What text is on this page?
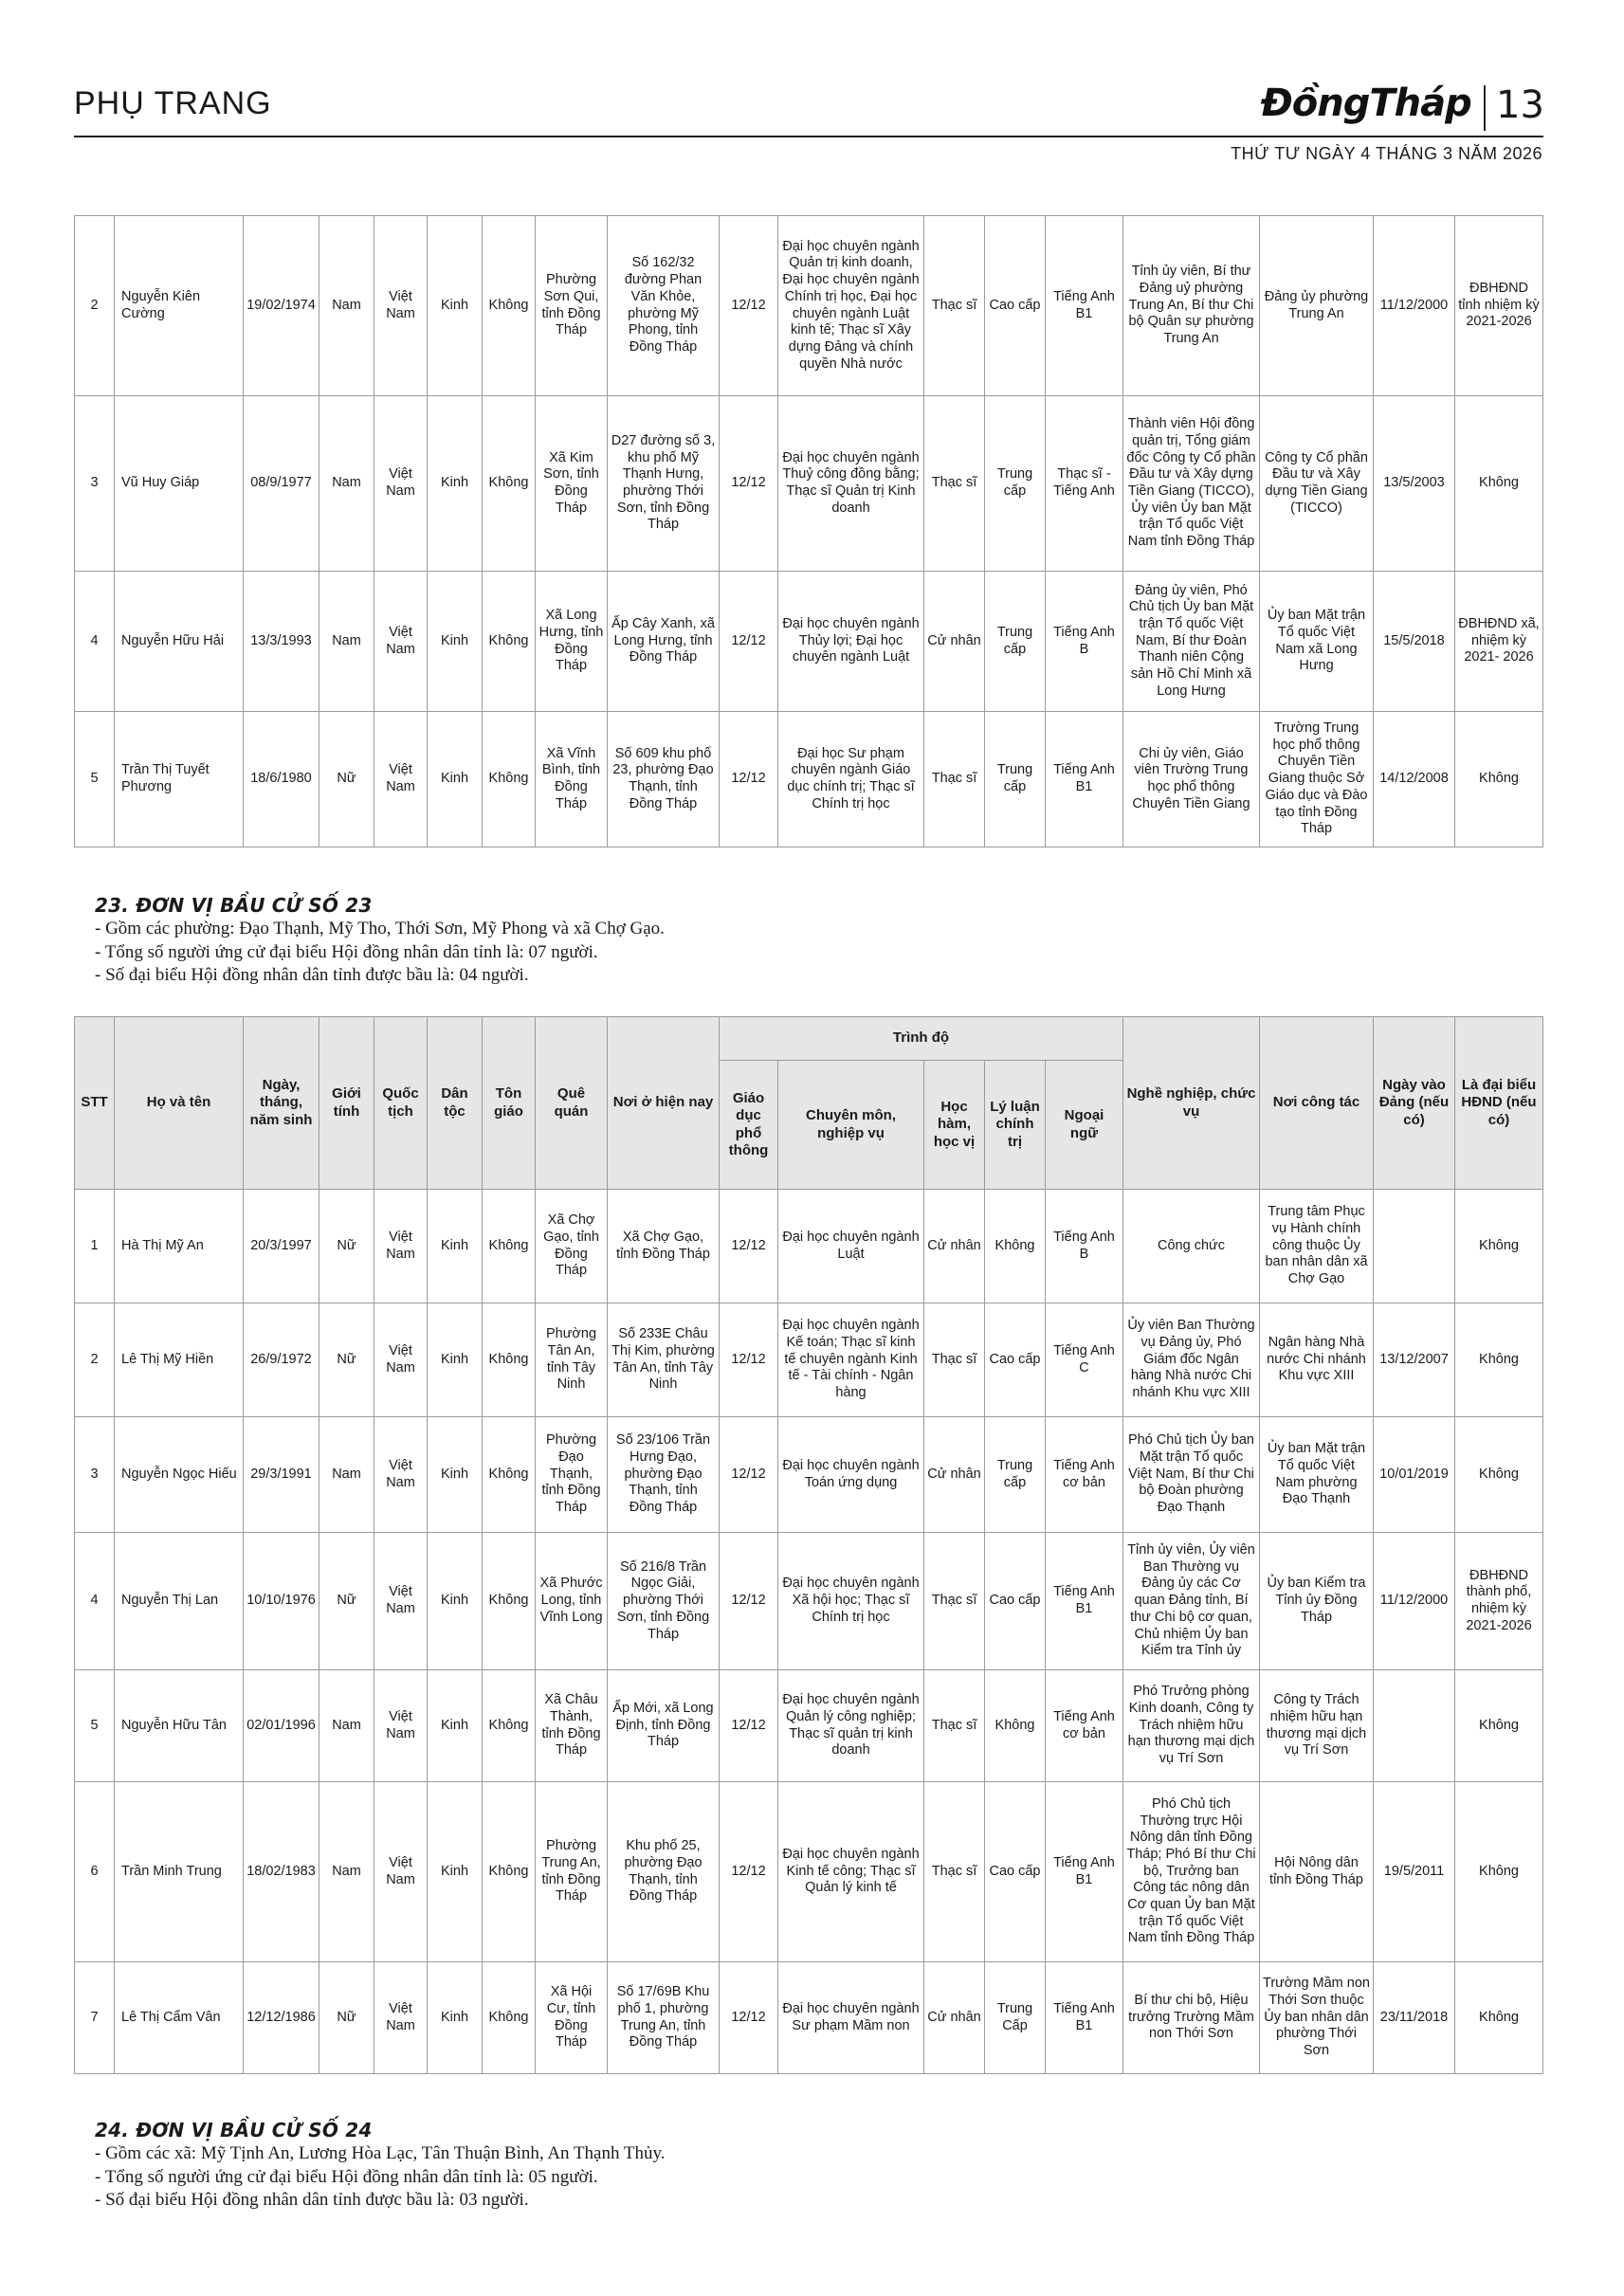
PHỤ TRANG	ĐồngTháp 13
THỨ TƯ NGÀY 4 THÁNG 3 NĂM 2026
2	Nguyễn Kiên Cường	19/02/1974	Nam	Việt Nam	Kinh	Không	Phường Sơn Qui, tỉnh Đồng Tháp	Số 162/32 đường Phan Văn Khỏe, phường Mỹ Phong, tỉnh Đồng Tháp	12/12	Đại học chuyên ngành Quản trị kinh doanh, Đại học chuyên ngành Chính trị học, Đại học chuyên ngành Luật kinh tế; Thạc sĩ Xây dựng Đảng và chính quyền Nhà nước	Thạc sĩ	Cao cấp	Tiếng Anh B1	Tỉnh ủy viên, Bí thư Đảng uỷ phường Trung An, Bí thư Chi bộ Quân sự phường Trung An	Đảng ủy phường Trung An	11/12/2000	ĐBHĐND tỉnh nhiệm kỳ 2021-2026
3	Vũ Huy Giáp	08/9/1977	Nam	Việt Nam	Kinh	Không	Xã Kim Sơn, tỉnh Đồng Tháp	D27 đường số 3, khu phố Mỹ Thạnh Hưng, phường Thới Sơn, tỉnh Đồng Tháp	12/12	Đại học chuyên ngành Thuỷ công đồng bằng; Thạc sĩ Quản trị Kinh doanh	Thạc sĩ	Trung cấp	Thạc sĩ - Tiếng Anh	Thành viên Hội đồng quản trị, Tổng giám đốc Công ty Cổ phần Đầu tư và Xây dựng Tiền Giang (TICCO), Ủy viên Ủy ban Mặt trận Tổ quốc Việt Nam tỉnh Đồng Tháp	Công ty Cổ phần Đầu tư và Xây dựng Tiền Giang (TICCO)	13/5/2003	Không
4	Nguyễn Hữu Hải	13/3/1993	Nam	Việt Nam	Kinh	Không	Xã Long Hưng, tỉnh Đồng Tháp	Ấp Cây Xanh, xã Long Hưng, tỉnh Đồng Tháp	12/12	Đại học chuyên ngành Thủy lợi; Đại học chuyên ngành Luật	Cử nhân	Trung cấp	Tiếng Anh B	Đảng ủy viên, Phó Chủ tịch Ủy ban Mặt trận Tổ quốc Việt Nam, Bí thư Đoàn Thanh niên Cộng sản Hồ Chí Minh xã Long Hưng	Ủy ban Mặt trận Tổ quốc Việt Nam xã Long Hưng	15/5/2018	ĐBHĐND xã, nhiệm kỳ 2021- 2026
5	Trần Thị Tuyết Phương	18/6/1980	Nữ	Việt Nam	Kinh	Không	Xã Vĩnh Bình, tỉnh Đồng Tháp	Số 609 khu phố 23, phường Đạo Thạnh, tỉnh Đồng Tháp	12/12	Đại học Sư phạm chuyên ngành Giáo dục chính trị; Thạc sĩ Chính trị học	Thạc sĩ	Trung cấp	Tiếng Anh B1	Chi ủy viên, Giáo viên Trường Trung học phổ thông Chuyên Tiền Giang	Trường Trung học phổ thông Chuyên Tiền Giang thuộc Sở Giáo dục và Đào tạo tỉnh Đồng Tháp	14/12/2008	Không
23. ĐƠN VỊ BẦU CỬ SỐ 23
- Gồm các phường: Đạo Thạnh, Mỹ Tho, Thới Sơn, Mỹ Phong và xã Chợ Gạo.
- Tổng số người ứng cử đại biểu Hội đồng nhân dân tỉnh là: 07 người.
- Số đại biểu Hội đồng nhân dân tỉnh được bầu là: 04 người.
STT	Họ và tên	Ngày, tháng, năm sinh	Giới tính	Quốc tịch	Dân tộc	Tôn giáo	Quê quán	Nơi ở hiện nay	Trình độ					Nghề nghiệp, chức vụ	Nơi công tác	Ngày vào Đảng (nếu có)	Là đại biểu HĐND (nếu có)
									Giáo dục phổ thông	Chuyên môn, nghiệp vụ	Học hàm, học vị	Lý luận chính trị	Ngoại ngữ				
1	Hà Thị Mỹ An	20/3/1997	Nữ	Việt Nam	Kinh	Không	Xã Chợ Gạo, tỉnh Đồng Tháp	Xã Chợ Gạo, tỉnh Đồng Tháp	12/12	Đại học chuyên ngành Luật	Cử nhân	Không	Tiếng Anh B	Công chức	Trung tâm Phục vụ Hành chính công thuộc Ủy ban nhân dân xã Chợ Gạo		Không
2	Lê Thị Mỹ Hiền	26/9/1972	Nữ	Việt Nam	Kinh	Không	Phường Tân An, tỉnh Tây Ninh	Số 233E Châu Thị Kim, phường Tân An, tỉnh Tây Ninh	12/12	Đại học chuyên ngành Kế toán; Thạc sĩ kinh tế chuyên ngành Kinh tế - Tài chính - Ngân hàng	Thạc sĩ	Cao cấp	Tiếng Anh C	Ủy viên Ban Thường vụ Đảng ủy, Phó Giám đốc Ngân hàng Nhà nước Chi nhánh Khu vực XIII	Ngân hàng Nhà nước Chi nhánh Khu vực XIII	13/12/2007	Không
3	Nguyễn Ngọc Hiếu	29/3/1991	Nam	Việt Nam	Kinh	Không	Phường Đạo Thạnh, tỉnh Đồng Tháp	Số 23/106 Trần Hưng Đạo, phường Đạo Thạnh, tỉnh Đồng Tháp	12/12	Đại học chuyên ngành Toán ứng dụng	Cử nhân	Trung cấp	Tiếng Anh cơ bản	Phó Chủ tịch Ủy ban Mặt trận Tổ quốc Việt Nam, Bí thư Chi bộ Đoàn phường Đạo Thạnh	Ủy ban Mặt trận Tổ quốc Việt Nam phường Đạo Thạnh	10/01/2019	Không
4	Nguyễn Thị Lan	10/10/1976	Nữ	Việt Nam	Kinh	Không	Xã Phước Long, tỉnh Vĩnh Long	Số 216/8 Trần Ngọc Giải, phường Thới Sơn, tỉnh Đồng Tháp	12/12	Đại học chuyên ngành Xã hội học; Thạc sĩ Chính trị học	Thạc sĩ	Cao cấp	Tiếng Anh B1	Tỉnh ủy viên, Ủy viên Ban Thường vụ Đảng ủy các Cơ quan Đảng tỉnh, Bí thư Chi bộ cơ quan, Chủ nhiệm Ủy ban Kiểm tra Tỉnh ủy	Ủy ban Kiểm tra Tỉnh ủy Đồng Tháp	11/12/2000	ĐBHĐND thành phố, nhiệm kỳ 2021-2026
5	Nguyễn Hữu Tân	02/01/1996	Nam	Việt Nam	Kinh	Không	Xã Châu Thành, tỉnh Đồng Tháp	Ấp Mới, xã Long Định, tỉnh Đồng Tháp	12/12	Đại học chuyên ngành Quản lý công nghiệp; Thạc sĩ quản trị kinh doanh	Thạc sĩ	Không	Tiếng Anh cơ bản	Phó Trưởng phòng Kinh doanh, Công ty Trách nhiệm hữu hạn thương mại dịch vụ Trí Sơn	Công ty Trách nhiệm hữu hạn thương mại dịch vụ Trí Sơn		Không
6	Trần Minh Trung	18/02/1983	Nam	Việt Nam	Kinh	Không	Phường Trung An, tỉnh Đồng Tháp	Khu phố 25, phường Đạo Thạnh, tỉnh Đồng Tháp	12/12	Đại học chuyên ngành Kinh tế công; Thạc sĩ Quản lý kinh tế	Thạc sĩ	Cao cấp	Tiếng Anh B1	Phó Chủ tịch Thường trực Hội Nông dân tỉnh Đồng Tháp; Phó Bí thư Chi bộ, Trưởng ban Công tác nông dân Cơ quan Ủy ban Mặt trận Tổ quốc Việt Nam tỉnh Đồng Tháp	Hội Nông dân tỉnh Đồng Tháp	19/5/2011	Không
7	Lê Thị Cẩm Vân	12/12/1986	Nữ	Việt Nam	Kinh	Không	Xã Hội Cư, tỉnh Đồng Tháp	Số 17/69B Khu phố 1, phường Trung An, tỉnh Đồng Tháp	12/12	Đại học chuyên ngành Sư phạm Mầm non	Cử nhân	Trung Cấp	Tiếng Anh B1	Bí thư chi bộ, Hiệu trưởng Trường Mầm non Thới Sơn	Trường Mầm non Thới Sơn thuộc Ủy ban nhân dân phường Thới Sơn	23/11/2018	Không
24. ĐƠN VỊ BẦU CỬ SỐ 24
- Gồm các xã: Mỹ Tịnh An, Lương Hòa Lạc, Tân Thuận Bình, An Thạnh Thủy.
- Tổng số người ứng cử đại biểu Hội đồng nhân dân tỉnh là: 05 người.
- Số đại biểu Hội đồng nhân dân tỉnh được bầu là: 03 người.
